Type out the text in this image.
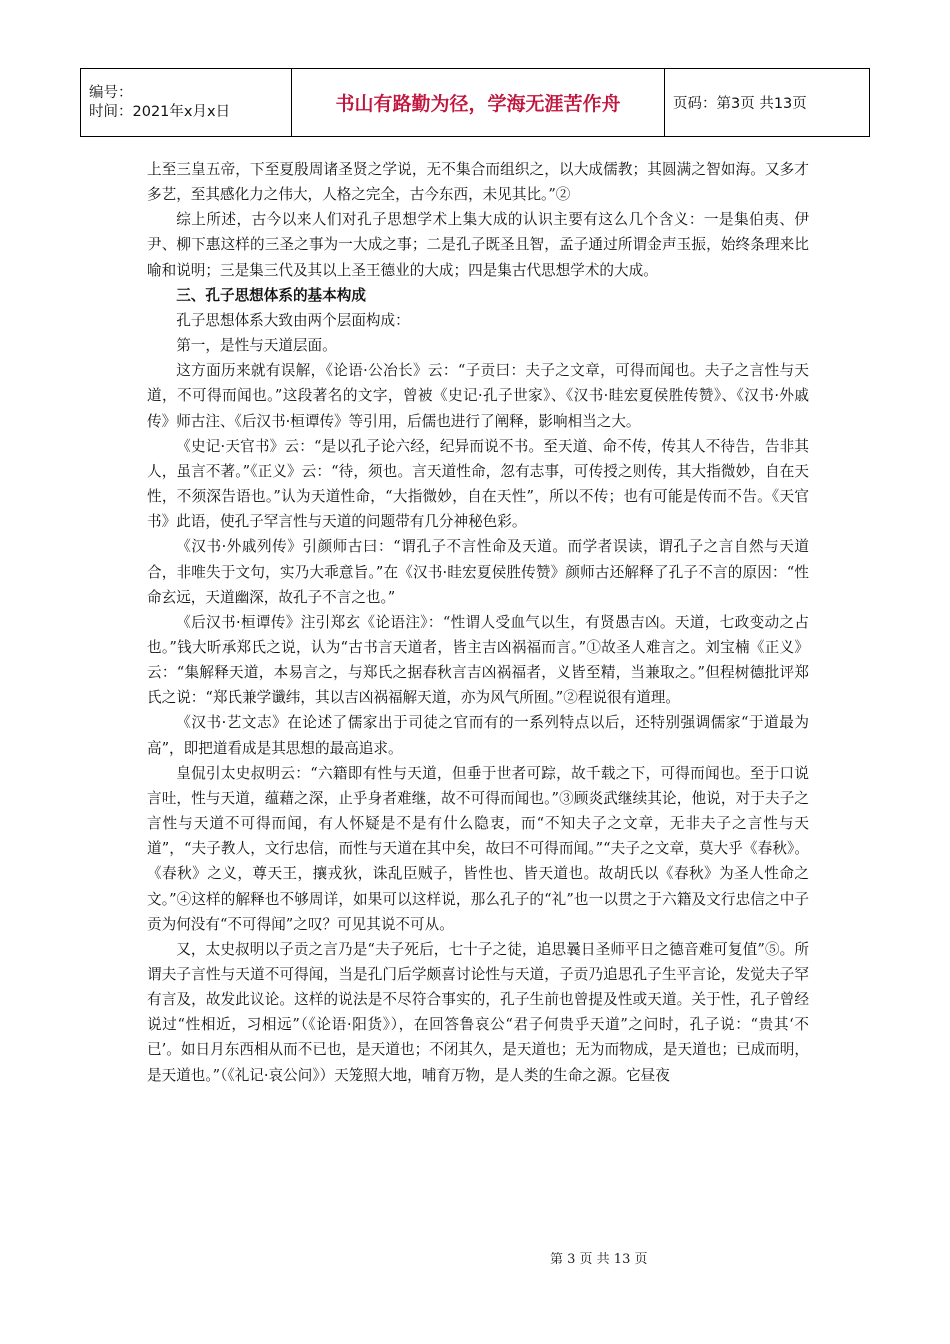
编号：
时间：2021年x月x日	书山有路勤为径，学海无涯苦作舟	页码：第3页 共13页

上至三皇五帝，下至夏殷周诸圣贤之学说，无不集合而组织之，以大成儒教；其圆满之智如海。又多才多艺，至其感化力之伟大，人格之完全，古今东西，未见其比。”②

综上所述，古今以来人们对孔子思想学术上集大成的认识主要有这么几个含义：一是集伯夷、伊尹、柳下惠这样的三圣之事为一大成之事；二是孔子既圣且智，孟子通过所谓金声玉振，始终条理来比喻和说明；三是集三代及其以上圣王德业的大成；四是集古代思想学术的大成。

三、孔子思想体系的基本构成

孔子思想体系大致由两个层面构成：

第一，是性与天道层面。

这方面历来就有误解，《论语·公冶长》云：“子贡曰：夫子之文章，可得而闻也。夫子之言性与天道，不可得而闻也。”这段著名的文字，曾被《史记·孔子世家》、《汉书·眭宏夏侯胜传赞》、《汉书·外戚传》师古注、《后汉书·桓谭传》等引用，后儒也进行了阐释，影响相当之大。

《史记·天官书》云：“是以孔子论六经，纪异而说不书。至天道、命不传，传其人不待告，告非其人，虽言不著。”《正义》云：“待，须也。言天道性命，忽有志事，可传授之则传，其大指微妙，自在天性，不须深告语也。”认为天道性命，“大指微妙，自在天性”，所以不传；也有可能是传而不告。《天官书》此语，使孔子罕言性与天道的问题带有几分神秘色彩。

《汉书·外戚列传》引颜师古曰：“谓孔子不言性命及天道。而学者误读，谓孔子之言自然与天道合，非唯失于文句，实乃大乖意旨。”在《汉书·眭宏夏侯胜传赞》颜师古还解释了孔子不言的原因：“性命玄远，天道幽深，故孔子不言之也。”

《后汉书·桓谭传》注引郑玄《论语注》：“性谓人受血气以生，有贤愚吉凶。天道，七政变动之占也。”钱大昕承郑氏之说，认为“古书言天道者，皆主吉凶祸福而言。”①故圣人难言之。刘宝楠《正义》云：“集解释天道，本易言之，与郑氏之据春秋言吉凶祸福者，义皆至精，当兼取之。”但程树德批评郑氏之说：“郑氏兼学谶纬，其以吉凶祸福解天道，亦为风气所囿。”②程说很有道理。

《汉书·艺文志》在论述了儒家出于司徒之官而有的一系列特点以后，还特别强调儒家“于道最为高”，即把道看成是其思想的最高追求。

皇侃引太史叔明云：“六籍即有性与天道，但垂于世者可踪，故千载之下，可得而闻也。至于口说言吐，性与天道，蕴藉之深，止乎身者难继，故不可得而闻也。”③顾炎武继续其论，他说，对于夫子之言性与天道不可得而闻，有人怀疑是不是有什么隐衷，而“不知夫子之文章，无非夫子之言性与天道”，“夫子教人，文行忠信，而性与天道在其中矣，故曰不可得而闻。”“夫子之文章，莫大乎《春秋》。《春秋》之义，尊天王，攘戎狄，诛乱臣贼子，皆性也、皆天道也。故胡氏以《春秋》为圣人性命之文。”④这样的解释也不够周详，如果可以这样说，那么孔子的“礼”也一以贯之于六籍及文行忠信之中子贡为何没有“不可得闻”之叹？可见其说不可从。

又，太史叔明以子贡之言乃是“夫子死后，七十子之徒，追思曩日圣师平日之德音难可复值”⑤。所谓夫子言性与天道不可得闻，当是孔门后学颇喜讨论性与天道，子贡乃追思孔子生平言论，发觉夫子罕有言及，故发此议论。这样的说法是不尽符合事实的，孔子生前也曾提及性或天道。关于性，孔子曾经说过“性相近，习相远”（《论语·阳货》），在回答鲁哀公“君子何贵乎天道”之问时，孔子说：“贵其‘不已’。如日月东西相从而不已也，是天道也；不闭其久，是天道也；无为而物成，是天道也；已成而明，是天道也。”（《礼记·哀公问》）天笼照大地，哺育万物，是人类的生命之源。它昼夜

第 3 页 共 13 页
